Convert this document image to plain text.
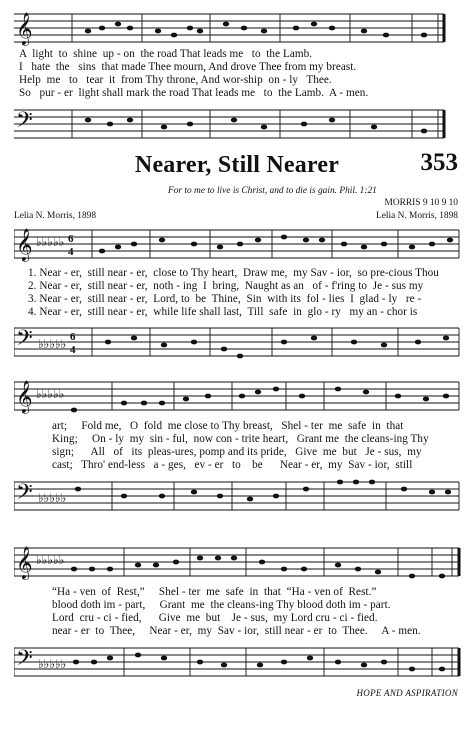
𝄞
A  light  to  shine  up - on  the road That leads me   to  the Lamb.
I   hate  the   sins  that made Thee mourn, And drove Thee from my breast.
Help  me   to   tear  it  from Thy throne, And wor-ship  on - ly   Thee.
So   pur - er  light shall mark the road That leads me   to  the Lamb.  A - men.
𝄢
Nearer, Still Nearer	353
For to me to live is Christ, and to die is gain. Phil. 1:21
MORRIS 9 10 9 10
Lelia N. Morris, 1898	Lelia N. Morris, 1898
𝄞 ♭♭♭♭♭ 6
4
1. Near - er,  still near - er,  close to Thy heart,  Draw me,  my Sav - ior,  so pre-cious Thou
2. Near - er,  still near - er,  noth - ing  I  bring,  Naught as an   of - f'ring to  Je - sus my
3. Near - er,  still near - er,  Lord, to  be  Thine,  Sin  with its  fol - lies  I  glad - ly   re -
4. Near - er,  still near - er,  while life shall last,  Till  safe  in  glo - ry   my an - chor is
𝄢 ♭♭♭♭♭ 6
4
𝄞 ♭♭♭♭♭
art;     Fold me,   O  fold  me close to Thy breast,   Shel - ter  me  safe  in  that
King;     On - ly  my  sin - ful,  now con - trite heart,   Grant me  the cleans-ing Thy
sign;      All   of   its  pleas-ures, pomp and its pride,   Give  me  but   Je - sus,  my
cast;   Thro' end-less   a - ges,   ev - er   to    be      Near - er,  my  Sav - ior,  still
𝄢 ♭♭♭♭♭
𝄞 ♭♭♭♭♭
“Ha - ven  of  Rest,”     Shel - ter  me  safe  in  that  “Ha - ven of  Rest.”
blood doth im - part,     Grant  me  the cleans-ing Thy blood doth im - part.
Lord  cru - ci - fied,      Give  me  but    Je - sus,  my Lord cru - ci - fied.
near - er  to  Thee,     Near - er,  my  Sav - ior,  still near - er  to  Thee.     A - men.
𝄢 ♭♭♭♭♭
HOPE AND ASPIRATION
